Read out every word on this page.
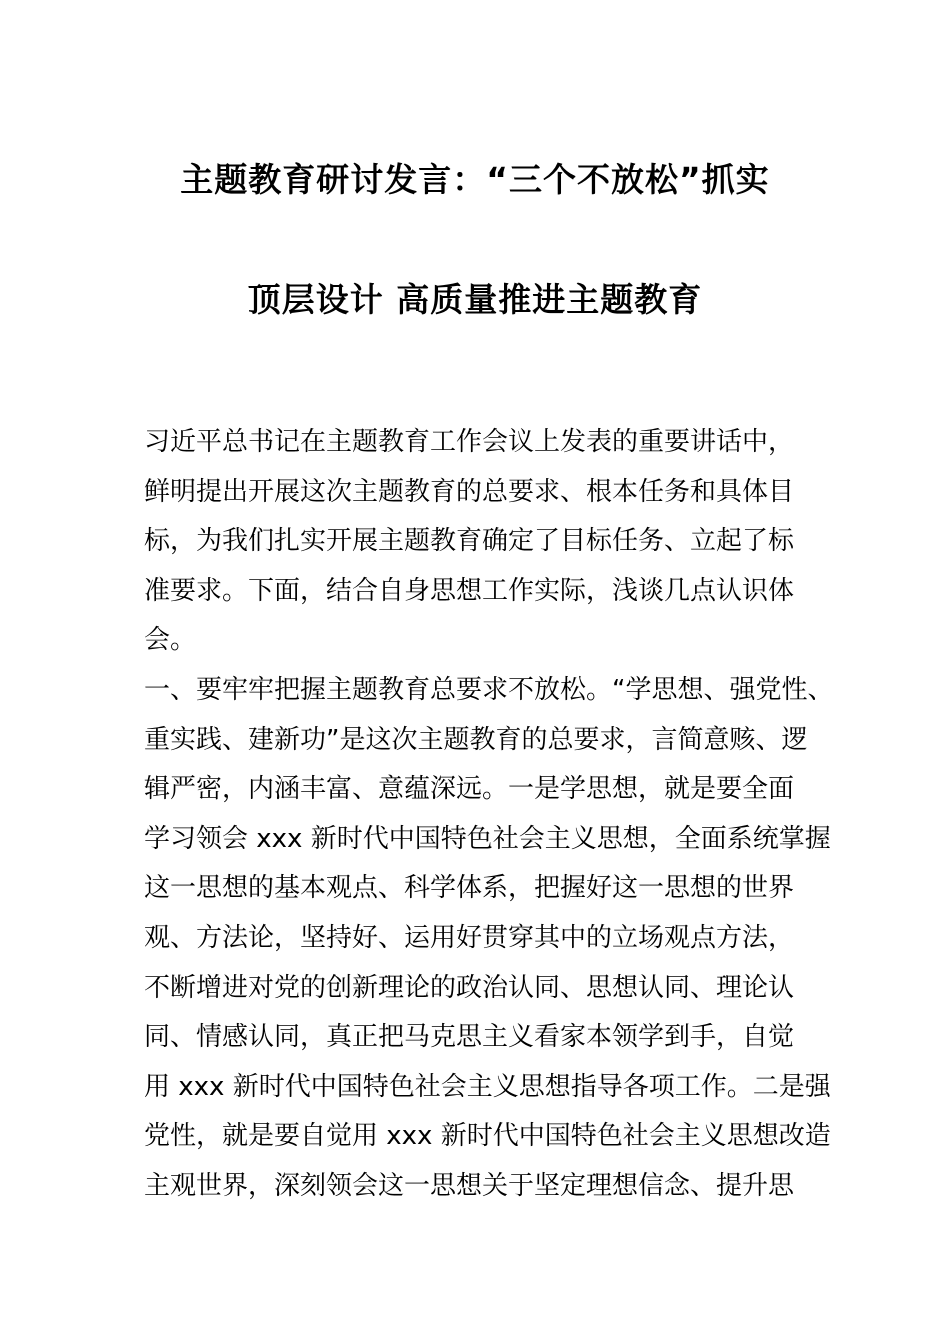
主题教育研讨发言：“三个不放松”抓实
顶层设计 高质量推进主题教育
习近平总书记在主题教育工作会议上发表的重要讲话中，
鲜明提出开展这次主题教育的总要求、根本任务和具体目
标，为我们扎实开展主题教育确定了目标任务、立起了标
准要求。下面，结合自身思想工作实际，浅谈几点认识体
会。
一、要牢牢把握主题教育总要求不放松。“学思想、强党性、
重实践、建新功”是这次主题教育的总要求，言简意赅、逻
辑严密，内涵丰富、意蕴深远。一是学思想，就是要全面
学习领会 xxx 新时代中国特色社会主义思想，全面系统掌握
这一思想的基本观点、科学体系，把握好这一思想的世界
观、方法论，坚持好、运用好贯穿其中的立场观点方法，
不断增进对党的创新理论的政治认同、思想认同、理论认
同、情感认同，真正把马克思主义看家本领学到手，自觉
用 xxx 新时代中国特色社会主义思想指导各项工作。二是强
党性，就是要自觉用 xxx 新时代中国特色社会主义思想改造
主观世界，深刻领会这一思想关于坚定理想信念、提升思
